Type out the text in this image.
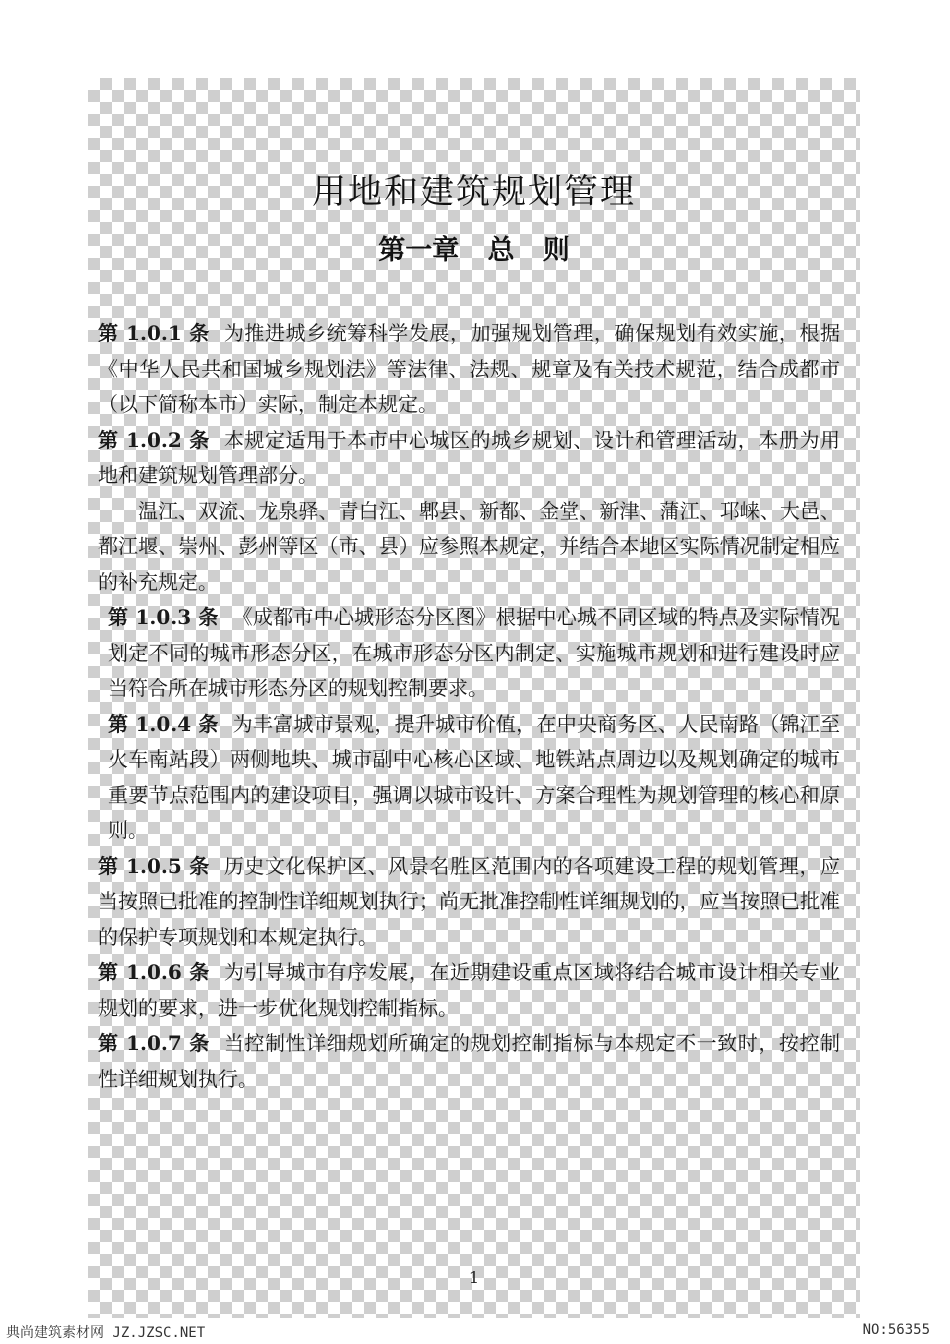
用地和建筑规划管理
第一章   总   则

第 1.0.1 条 为推进城乡统筹科学发展，加强规划管理，确保规划有效实施，根据《中华人民共和国城乡规划法》等法律、法规、规章及有关技术规范，结合成都市（以下简称本市）实际，制定本规定。

第 1.0.2 条 本规定适用于本市中心城区的城乡规划、设计和管理活动，本册为用地和建筑规划管理部分。

温江、双流、龙泉驿、青白江、郫县、新都、金堂、新津、蒲江、邛崃、大邑、都江堰、崇州、彭州等区（市、县）应参照本规定，并结合本地区实际情况制定相应的补充规定。

第 1.0.3 条 《成都市中心城形态分区图》根据中心城不同区域的特点及实际情况划定不同的城市形态分区，在城市形态分区内制定、实施城市规划和进行建设时应当符合所在城市形态分区的规划控制要求。

第 1.0.4 条 为丰富城市景观，提升城市价值，在中央商务区、人民南路（锦江至火车南站段）两侧地块、城市副中心核心区域、地铁站点周边以及规划确定的城市重要节点范围内的建设项目，强调以城市设计、方案合理性为规划管理的核心和原则。

第 1.0.5 条 历史文化保护区、风景名胜区范围内的各项建设工程的规划管理，应当按照已批准的控制性详细规划执行；尚无批准控制性详细规划的，应当按照已批准的保护专项规划和本规定执行。

第 1.0.6 条 为引导城市有序发展，在近期建设重点区域将结合城市设计相关专业规划的要求，进一步优化规划控制指标。

第 1.0.7 条 当控制性详细规划所确定的规划控制指标与本规定不一致时，按控制性详细规划执行。

1
典尚建筑素材网 JZ.JZSC.NET	NO:56355
